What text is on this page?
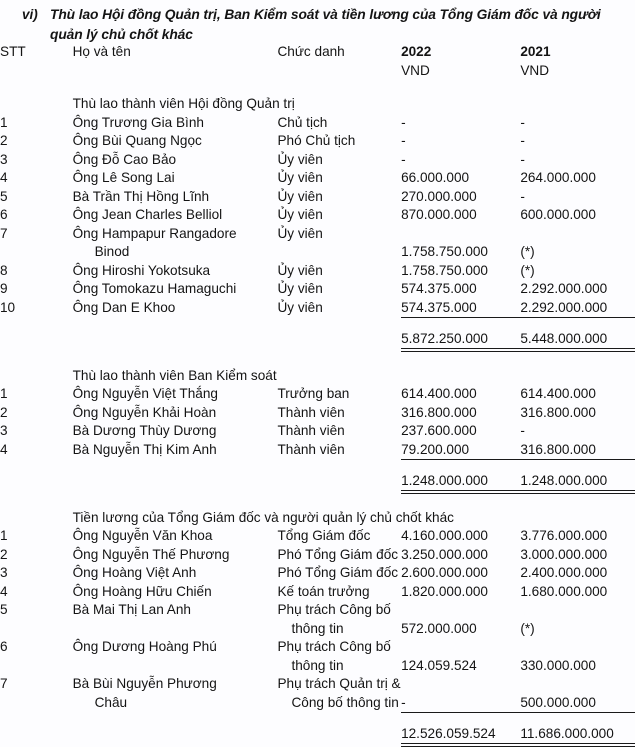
vi) Thù lao Hội đồng Quản trị, Ban Kiểm soát và tiền lương của Tổng Giám đốc và người quản lý chủ chốt khác
STT	Họ và tên	Chức danh	2022	2021
			VND	VND

	Thù lao thành viên Hội đồng Quản trị			
1	Ông Trương Gia Bình	Chủ tịch	-	-
2	Ông Bùi Quang Ngọc	Phó Chủ tịch	-	-
3	Ông Đỗ Cao Bảo	Ủy viên	-	-
4	Ông Lê Song Lai	Ủy viên	66.000.000	264.000.000
5	Bà Trần Thị Hồng Lĩnh	Ủy viên	270.000.000	-
6	Ông Jean Charles Belliol	Ủy viên	870.000.000	600.000.000
7	Ông Hampapur Rangadore	Ủy viên		
	Binod		1.758.750.000	(*)
8	Ông Hiroshi Yokotsuka	Ủy viên	1.758.750.000	(*)
9	Ông Tomokazu Hamaguchi	Ủy viên	574.375.000	2.292.000.000
10	Ông Dan E Khoo	Ủy viên	574.375.000	2.292.000.000

			5.872.250.000	5.448.000.000

	Thù lao thành viên Ban Kiểm soát			
1	Ông Nguyễn Việt Thắng	Trưởng ban	614.400.000	614.400.000
2	Ông Nguyễn Khải Hoàn	Thành viên	316.800.000	316.800.000
3	Bà Dương Thùy Dương	Thành viên	237.600.000	-
4	Bà Nguyễn Thị Kim Anh	Thành viên	79.200.000	316.800.000

			1.248.000.000	1.248.000.000

	Tiền lương của Tổng Giám đốc và người quản lý chủ chốt khác			
1	Ông Nguyễn Văn Khoa	Tổng Giám đốc	4.160.000.000	3.776.000.000
2	Ông Nguyễn Thế Phương	Phó Tổng Giám đốc	3.250.000.000	3.000.000.000
3	Ông Hoàng Việt Anh	Phó Tổng Giám đốc	2.600.000.000	2.400.000.000
4	Ông Hoàng Hữu Chiến	Kế toán trưởng	1.820.000.000	1.680.000.000
5	Bà Mai Thị Lan Anh	Phụ trách Công bố		
		thông tin	572.000.000	(*)
6	Ông Dương Hoàng Phú	Phụ trách Công bố		
		thông tin	124.059.524	330.000.000
7	Bà Bùi Nguyễn Phương	Phụ trách Quản trị &		
	Châu	Công bố thông tin	-	500.000.000

			12.526.059.524	11.686.000.000
